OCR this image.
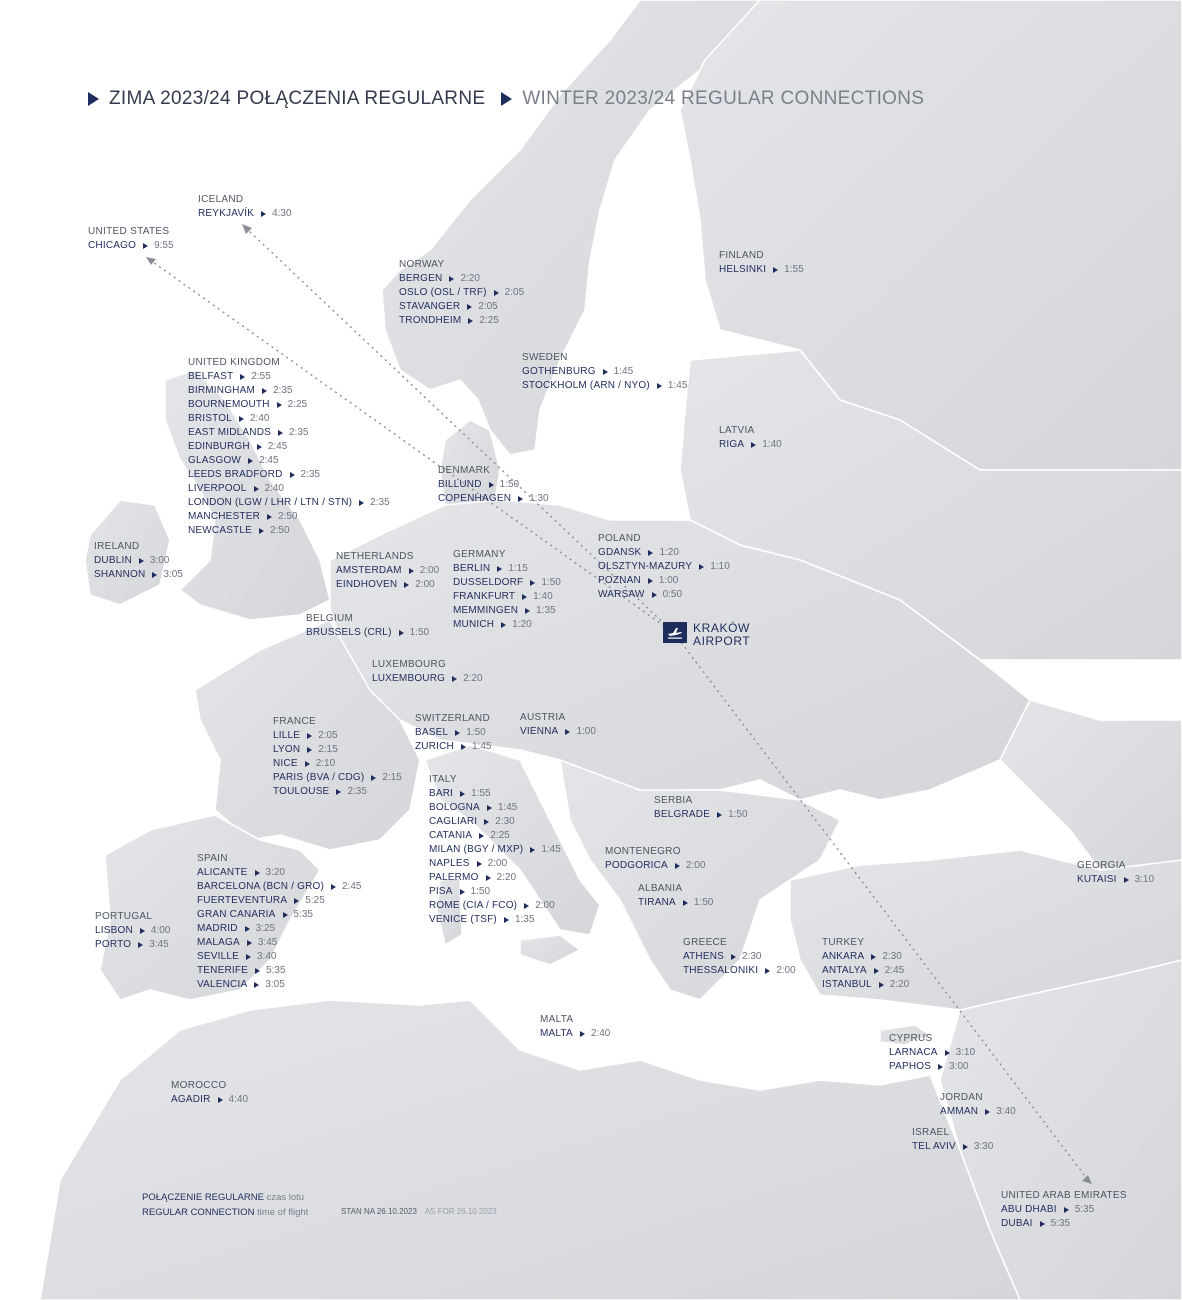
ZIMA 2023/24 POŁĄCZENIA REGULARNE WINTER 2023/24 REGULAR CONNECTIONS
ICELAND
REYKJAVÍK 4:30
UNITED STATES
CHICAGO 9:55
NORWAY
BERGEN 2:20
OSLO (OSL / TRF) 2:05
STAVANGER 2:05
TRONDHEIM 2:25
FINLAND
HELSINKI 1:55
UNITED KINGDOM
BELFAST 2:55
BIRMINGHAM 2:35
BOURNEMOUTH 2:25
BRISTOL 2:40
EAST MIDLANDS 2:35
EDINBURGH 2:45
GLASGOW 2:45
LEEDS BRADFORD 2:35
LIVERPOOL 2:40
LONDON (LGW / LHR / LTN / STN) 2:35
MANCHESTER 2:50
NEWCASTLE 2:50
SWEDEN
GOTHENBURG 1:45
STOCKHOLM (ARN / NYO) 1:45
LATVIA
RIGA 1:40
DENMARK
BILLUND 1:50
COPENHAGEN 1:30
POLAND
GDANSK 1:20
OLSZTYN-MAZURY 1:10
POZNAN 1:00
WARSAW 0:50
IRELAND
DUBLIN 3:00
SHANNON 3:05
NETHERLANDS
AMSTERDAM 2:00
EINDHOVEN 2:00
GERMANY
BERLIN 1:15
DUSSELDORF 1:50
FRANKFURT 1:40
MEMMINGEN 1:35
MUNICH 1:20
BELGIUM
BRUSSELS (CRL) 1:50
LUXEMBOURG
LUXEMBOURG 2:20
FRANCE
LILLE 2:05
LYON 2:15
NICE 2:10
PARIS (BVA / CDG) 2:15
TOULOUSE 2:35
SWITZERLAND
BASEL 1:50
ZURICH 1:45
AUSTRIA
VIENNA 1:00
ITALY
BARI 1:55
BOLOGNA 1:45
CAGLIARI 2:30
CATANIA 2:25
MILAN (BGY / MXP) 1:45
NAPLES 2:00
PALERMO 2:20
PISA 1:50
ROME (CIA / FCO) 2:00
VENICE (TSF) 1:35
SERBIA
BELGRADE 1:50
MONTENEGRO
PODGORICA 2:00	GEORGIA
KUTAISI 3:10
SPAIN
ALICANTE 3:20
BARCELONA (BCN / GRO) 2:45
FUERTEVENTURA 5:25
GRAN CANARIA 5:35
MADRID 3:25
MALAGA 3:45
SEVILLE 3:40
TENERIFE 5:35
VALENCIA 3:05
ALBANIA
TIRANA 1:50
PORTUGAL
LISBON 4:00
PORTO 3:45	GREECE
ATHENS 2:30
THESSALONIKI 2:00
TURKEY
ANKARA 2:30
ANTALYA 2:45
ISTANBUL 2:20
MALTA
MALTA 2:40	CYPRUS
LARNACA 3:10
PAPHOS 3:00
MOROCCO
AGADIR 4:40	JORDAN
AMMAN 3:40
ISRAEL
TEL AVIV 3:30
UNITED ARAB EMIRATES
ABU DHABI 5:35
DUBAI 5:35
KRAKÓW
AIRPORT
POŁĄCZENIE REGULARNE czas lotu
REGULAR CONNECTION time of flight	STAN NA 26.10.2023 AS FOR 26.10.2023
